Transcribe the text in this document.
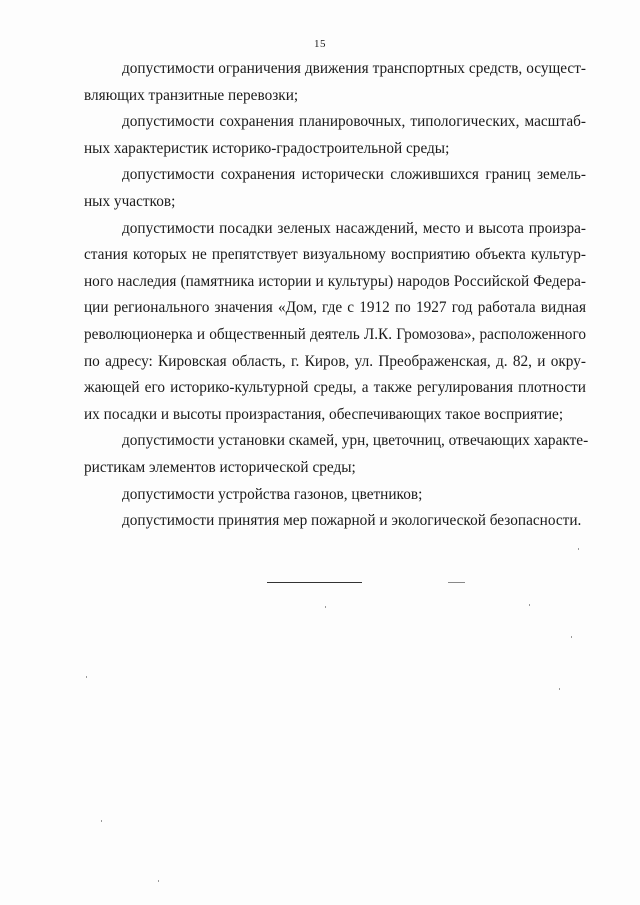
15

допустимости ограничения движения транспортных средств, осущест-
вляющих транзитные перевозки;

допустимости сохранения планировочных, типологических, масштаб-
ных характеристик историко-градостроительной среды;

допустимости сохранения исторически сложившихся границ земель-
ных участков;

допустимости посадки зеленых насаждений, место и высота произра-
стания которых не препятствует визуальному восприятию объекта культур-
ного наследия (памятника истории и культуры) народов Российской Федера-
ции регионального значения «Дом, где с 1912 по 1927 год работала видная
революционерка и общественный деятель Л.К. Громозова», расположенного
по адресу: Кировская область, г. Киров, ул. Преображенская, д. 82, и окру-
жающей его историко-культурной среды, а также регулирования плотности
их посадки и высоты произрастания, обеспечивающих такое восприятие;

допустимости установки скамей, урн, цветочниц, отвечающих характе-
ристикам элементов исторической среды;

допустимости устройства газонов, цветников;

допустимости принятия мер пожарной и экологической безопасности.
